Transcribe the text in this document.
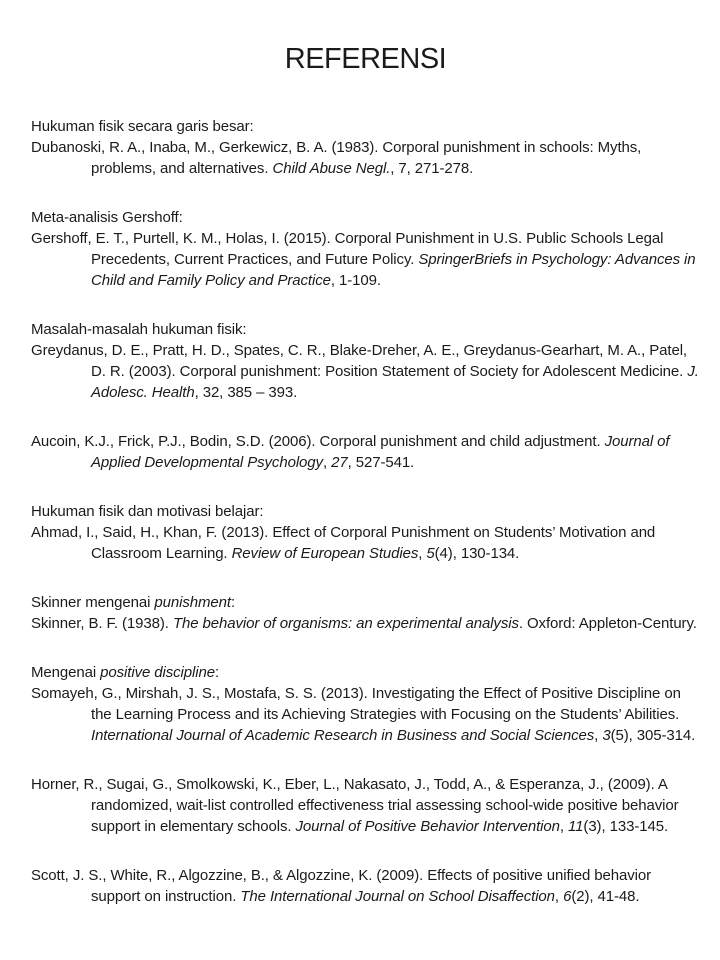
REFERENSI

Hukuman fisik secara garis besar:

Dubanoski, R. A., Inaba, M., Gerkewicz, B. A. (1983). Corporal punishment in schools: Myths, problems, and alternatives. Child Abuse Negl., 7, 271-278.

Meta-analisis Gershoff:

Gershoff, E. T., Purtell, K. M., Holas, I. (2015). Corporal Punishment in U.S. Public Schools Legal Precedents, Current Practices, and Future Policy. SpringerBriefs in Psychology: Advances in Child and Family Policy and Practice, 1-109.

Masalah-masalah hukuman fisik:

Greydanus, D. E., Pratt, H. D., Spates, C. R., Blake-Dreher, A. E., Greydanus-Gearhart, M. A., Patel, D. R. (2003). Corporal punishment: Position Statement of Society for Adolescent Medicine. J. Adolesc. Health, 32, 385 – 393.

Aucoin, K.J., Frick, P.J., Bodin, S.D. (2006). Corporal punishment and child adjustment. Journal of Applied Developmental Psychology, 27, 527-541.

Hukuman fisik dan motivasi belajar:

Ahmad, I., Said, H., Khan, F. (2013). Effect of Corporal Punishment on Students’ Motivation and Classroom Learning. Review of European Studies, 5(4), 130-134.

Skinner mengenai punishment:

Skinner, B. F. (1938). The behavior of organisms: an experimental analysis. Oxford: Appleton-Century.

Mengenai positive discipline:

Somayeh, G., Mirshah, J. S., Mostafa, S. S. (2013). Investigating the Effect of Positive Discipline on the Learning Process and its Achieving Strategies with Focusing on the Students’ Abilities. International Journal of Academic Research in Business and Social Sciences, 3(5), 305-314.

Horner, R., Sugai, G., Smolkowski, K., Eber, L., Nakasato, J., Todd, A., & Esperanza, J., (2009). A randomized, wait-list controlled effectiveness trial assessing school-wide positive behavior support in elementary schools. Journal of Positive Behavior Intervention, 11(3), 133-145.

Scott, J. S., White, R., Algozzine, B., & Algozzine, K. (2009). Effects of positive unified behavior support on instruction. The International Journal on School Disaffection, 6(2), 41-48.
